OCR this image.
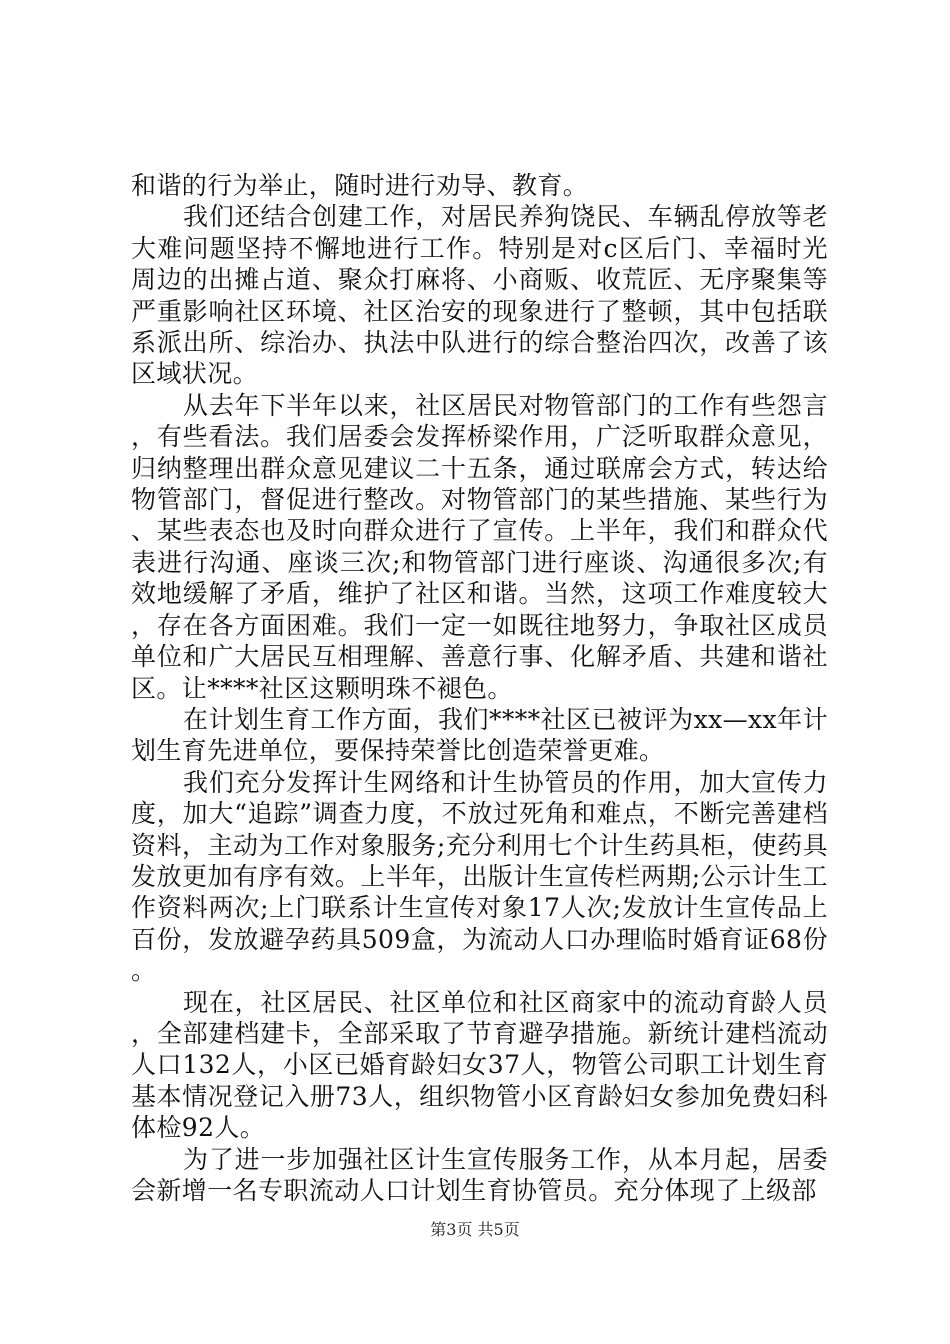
和谐的行为举止，随时进行劝导、教育。

我们还结合创建工作，对居民养狗饶民、车辆乱停放等老大难问题坚持不懈地进行工作。特别是对c区后门、幸福时光周边的出摊占道、聚众打麻将、小商贩、收荒匠、无序聚集等严重影响社区环境、社区治安的现象进行了整顿，其中包括联系派出所、综治办、执法中队进行的综合整治四次，改善了该区域状况。

从去年下半年以来，社区居民对物管部门的工作有些怨言，有些看法。我们居委会发挥桥梁作用，广泛听取群众意见，归纳整理出群众意见建议二十五条，通过联席会方式，转达给物管部门，督促进行整改。对物管部门的某些措施、某些行为、某些表态也及时向群众进行了宣传。上半年，我们和群众代表进行沟通、座谈三次;和物管部门进行座谈、沟通很多次;有效地缓解了矛盾，维护了社区和谐。当然，这项工作难度较大，存在各方面困难。我们一定一如既往地努力，争取社区成员单位和广大居民互相理解、善意行事、化解矛盾、共建和谐社区。让****社区这颗明珠不褪色。

在计划生育工作方面，我们****社区已被评为xx—xx年计划生育先进单位，要保持荣誉比创造荣誉更难。

我们充分发挥计生网络和计生协管员的作用，加大宣传力度，加大“追踪”调查力度，不放过死角和难点，不断完善建档资料，主动为工作对象服务;充分利用七个计生药具柜，使药具发放更加有序有效。上半年，出版计生宣传栏两期;公示计生工作资料两次;上门联系计生宣传对象17人次;发放计生宣传品上百份，发放避孕药具509盒，为流动人口办理临时婚育证68份。

现在，社区居民、社区单位和社区商家中的流动育龄人员，全部建档建卡，全部采取了节育避孕措施。新统计建档流动人口132人，小区已婚育龄妇女37人，物管公司职工计划生育基本情况登记入册73人，组织物管小区育龄妇女参加免费妇科体检92人。

为了进一步加强社区计生宣传服务工作，从本月起，居委会新增一名专职流动人口计划生育协管员。充分体现了上级部

第3页 共5页
